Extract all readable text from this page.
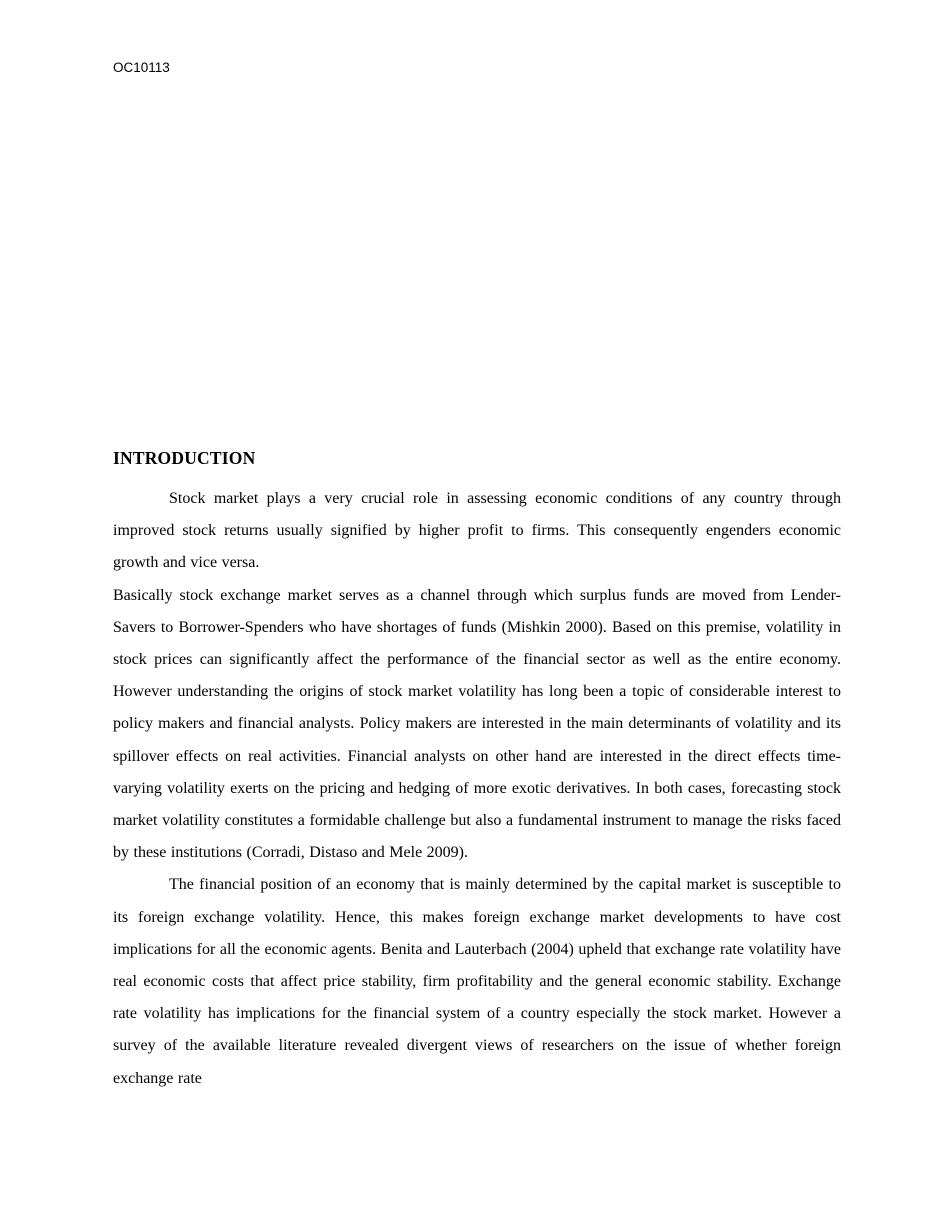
OC10113
INTRODUCTION

Stock market plays a very crucial role in assessing economic conditions of any country through improved stock returns usually signified by higher profit to firms. This consequently engenders economic growth and vice versa.

Basically stock exchange market serves as a channel through which surplus funds are moved from Lender-Savers to Borrower-Spenders who have shortages of funds (Mishkin 2000). Based on this premise, volatility in stock prices can significantly affect the performance of the financial sector as well as the entire economy. However understanding the origins of stock market volatility has long been a topic of considerable interest to policy makers and financial analysts. Policy makers are interested in the main determinants of volatility and its spillover effects on real activities. Financial analysts on other hand are interested in the direct effects time-varying volatility exerts on the pricing and hedging of more exotic derivatives. In both cases, forecasting stock market volatility constitutes a formidable challenge but also a fundamental instrument to manage the risks faced by these institutions (Corradi, Distaso and Mele 2009).

The financial position of an economy that is mainly determined by the capital market is susceptible to its foreign exchange volatility. Hence, this makes foreign exchange market developments to have cost implications for all the economic agents. Benita and Lauterbach (2004) upheld that exchange rate volatility have real economic costs that affect price stability, firm profitability and the general economic stability. Exchange rate volatility has implications for the financial system of a country especially the stock market. However a survey of the available literature revealed divergent views of researchers on the issue of whether foreign exchange rate
